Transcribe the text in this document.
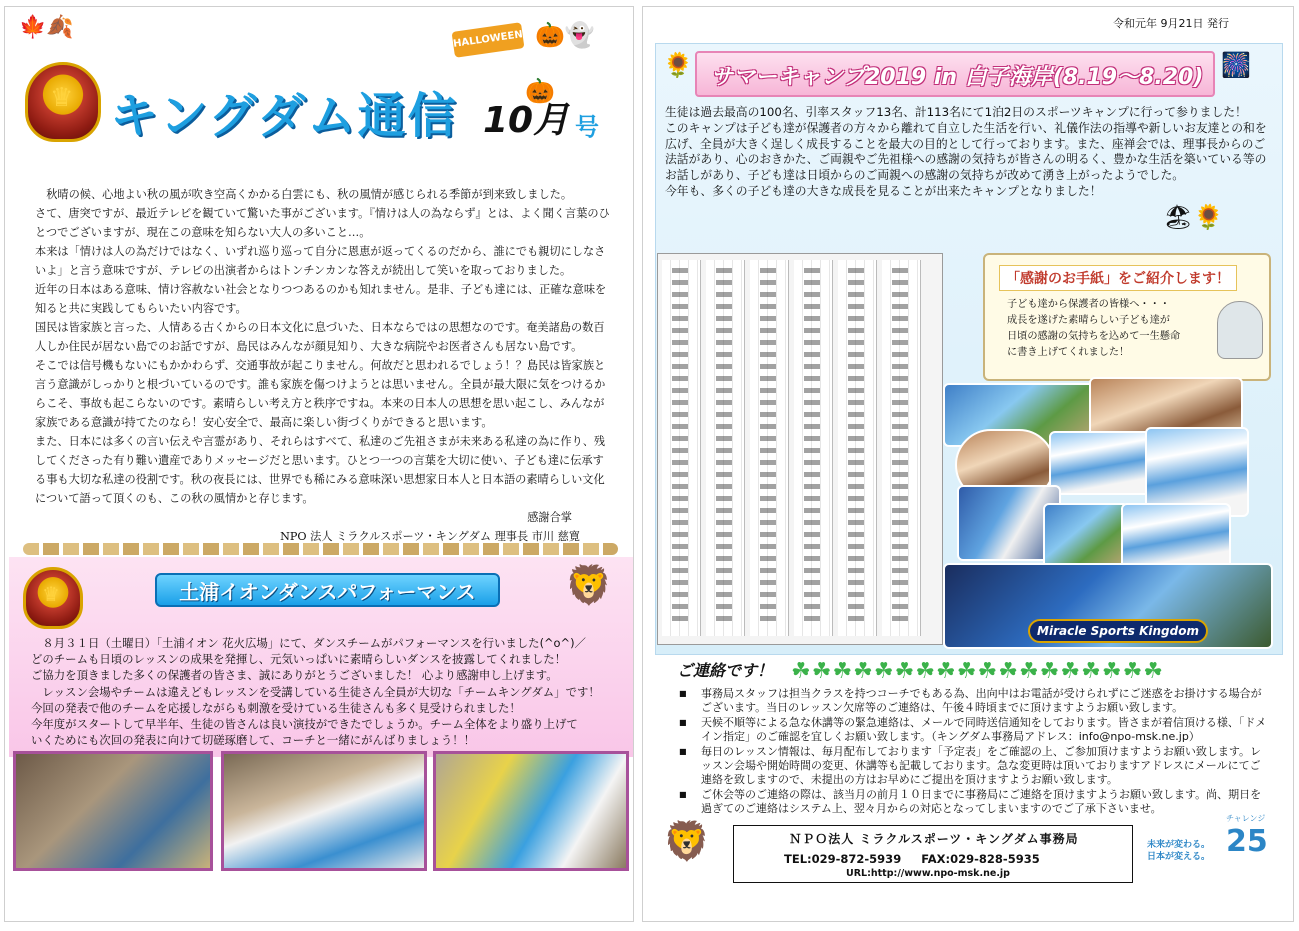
🍁🍂
♛ キングダム通信
HALLOWEEN 🎃👻
🎃
10月 号

　秋晴の候、心地よい秋の風が吹き空高くかかる白雲にも、秋の風情が感じられる季節が到来致しました。

さて、唐突ですが、最近テレビを観ていて驚いた事がございます。『情けは人の為ならず』とは、よく聞く言葉のひとつでございますが、現在この意味を知らない大人の多いこと…。

本来は「情けは人の為だけではなく、いずれ巡り巡って自分に恩恵が返ってくるのだから、誰にでも親切にしなさいよ」と言う意味ですが、テレビの出演者からはトンチンカンな答えが続出して笑いを取っておりました。

近年の日本はある意味、情け容赦ない社会となりつつあるのかも知れません。是非、子ども達には、正確な意味を知ると共に実践してもらいたい内容です。

国民は皆家族と言った、人情ある古くからの日本文化に息づいた、日本ならではの思想なのです。奄美諸島の数百人しか住民が居ない島でのお話ですが、島民はみんなが顔見知り、大きな病院やお医者さんも居ない島です。

そこでは信号機もないにもかかわらず、交通事故が起こりません。何故だと思われるでしょう！？島民は皆家族と言う意識がしっかりと根づいているのです。誰も家族を傷つけようとは思いません。全員が最大限に気をつけるからこそ、事故も起こらないのです。素晴らしい考え方と秩序ですね。本来の日本人の思想を思い起こし、みんなが家族である意識が持てたのなら！安心安全で、最高に楽しい街づくりができると思います。

また、日本には多くの言い伝えや言霊があり、それらはすべて、私達のご先祖さまが未来ある私達の為に作り、残してくださった有り難い遺産でありメッセージだと思います。ひとつ一つの言葉を大切に使い、子ども達に伝承する事も大切な私達の役割です。秋の夜長には、世界でも稀にみる意味深い思想家日本人と日本語の素晴らしい文化について語って頂くのも、この秋の風情かと存じます。

感謝合掌

NPO 法人 ミラクルスポーツ・キングダム 理事長 市川 慈寛

♛	土浦イオンダンスパフォーマンス	🦁

　８月３１日（土曜日）「土浦イオン 花火広場」にて、ダンスチームがパフォーマンスを行いました(^o^)／

どのチームも日頃のレッスンの成果を発揮し、元気いっぱいに素晴らしいダンスを披露してくれました！

ご協力を頂きました多くの保護者の皆さま、誠にありがとうございました！ 心より感謝申し上げます。

　レッスン会場やチームは違えどもレッスンを受講している生徒さん全員が大切な「チームキングダム」です！

今回の発表で他のチームを応援しながらも刺激を受けている生徒さんも多く見受けられました！

今年度がスタートして早半年、生徒の皆さんは良い演技ができたでしょうか。チーム全体をより盛り上げて

いくためにも次回の発表に向けて切磋琢磨して、コーチと一緒にがんばりましょう！！

令和元年 9月21日 発行
🌻 サマーキャンプ2019 in 白子海岸(8.19～8.20) 🎆

生徒は過去最高の100名、引率スタッフ13名、計113名にて1泊2日のスポーツキャンプに行って参りました！

このキャンプは子ども達が保護者の方々から離れて自立した生活を行い、礼儀作法の指導や新しいお友達との和を広げ、全員が大きく逞しく成長することを最大の目的として行っております。また、座禅会では、理事長からのご法話があり、心のおきかた、ご両親やご先祖様への感謝の気持ちが皆さんの明るく、豊かな生活を築いている等のお話しがあり、子ども達は日頃からのご両親への感謝の気持ちが改めて湧き上がったようでした。

今年も、多くの子ども達の大きな成長を見ることが出来たキャンプとなりました！

🏖🌻
「感謝のお手紙」をご紹介します！

子ども達から保護者の皆様へ・・・

成長を遂げた素晴らしい子ども達が

日頃の感謝の気持ちを込めて一生懸命

に書き上げてくれました！

Miracle Sports Kingdom
ご連絡です！ ☘☘☘☘☘☘☘☘☘☘☘☘☘☘☘☘☘☘
■ 事務局スタッフは担当クラスを持つコーチでもある為、出向中はお電話が受けられずにご迷惑をお掛けする場合がございます。当日のレッスン欠席等のご連絡は、午後４時頃までに頂けますようお願い致します。
■ 天候不順等による急な休講等の緊急連絡は、メールで同時送信通知をしております。皆さまが着信頂ける様、「ドメイン指定」のご確認を宜しくお願い致します。（キングダム事務局アドレス：info@npo-msk.ne.jp）
■ 毎日のレッスン情報は、毎月配布しております「予定表」をご確認の上、ご参加頂けますようお願い致します。レッスン会場や開始時間の変更、休講等も記載しております。急な変更時は頂いておりますアドレスにメールにてご連絡を致しますので、未提出の方はお早めにご提出を頂けますようお願い致します。
■ ご休会等のご連絡の際は、該当月の前月１０日までに事務局にご連絡を頂けますようお願い致します。尚、期日を過ぎてのご連絡はシステム上、翌々月からの対応となってしまいますのでご了承下さいませ。
🦁	ＮＰＯ法人 ミラクルスポーツ・キングダム事務局
TEL:029-872-5939 FAX:029-828-5935
URL:http://www.npo-msk.ne.jp
未来が変わる。
日本が変える。
チャレンジ
25
